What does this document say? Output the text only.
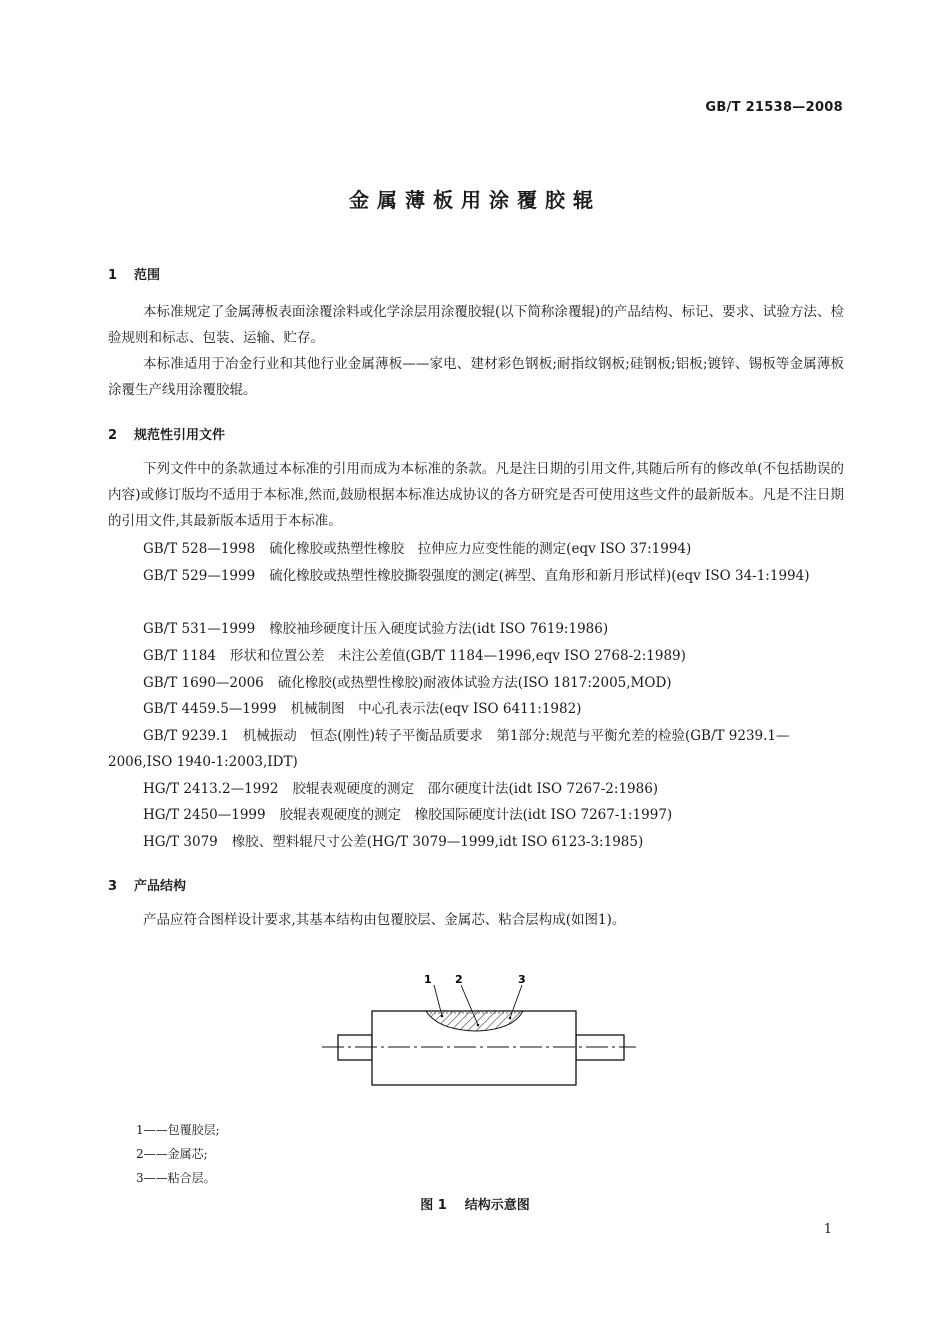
GB/T 21538—2008
金属薄板用涂覆胶辊
1 范围

本标准规定了金属薄板表面涂覆涂料或化学涂层用涂覆胶辊(以下简称涂覆辊)的产品结构、标记、要求、试验方法、检验规则和标志、包装、运输、贮存。

本标准适用于冶金行业和其他行业金属薄板——家电、建材彩色钢板;耐指纹钢板;硅钢板;铝板;镀锌、锡板等金属薄板涂覆生产线用涂覆胶辊。

2 规范性引用文件

下列文件中的条款通过本标准的引用而成为本标准的条款。凡是注日期的引用文件,其随后所有的修改单(不包括勘误的内容)或修订版均不适用于本标准,然而,鼓励根据本标准达成协议的各方研究是否可使用这些文件的最新版本。凡是不注日期的引用文件,其最新版本适用于本标准。

GB/T 528—1998 硫化橡胶或热塑性橡胶　拉伸应力应变性能的测定(eqv ISO 37:1994)

GB/T 529—1999 硫化橡胶或热塑性橡胶撕裂强度的测定(裤型、直角形和新月形试样)(eqv ISO 34-1:1994)

GB/T 531—1999 橡胶袖珍硬度计压入硬度试验方法(idt ISO 7619:1986)

GB/T 1184 形状和位置公差　未注公差值(GB/T 1184—1996,eqv ISO 2768-2:1989)

GB/T 1690—2006 硫化橡胶(或热塑性橡胶)耐液体试验方法(ISO 1817:2005,MOD)

GB/T 4459.5—1999 机械制图　中心孔表示法(eqv ISO 6411:1982)

GB/T 9239.1 机械振动　恒态(刚性)转子平衡品质要求　第1部分:规范与平衡允差的检验(GB/T 9239.1—2006,ISO 1940-1:2003,IDT)

HG/T 2413.2—1992 胶辊表观硬度的测定　邵尔硬度计法(idt ISO 7267-2:1986)

HG/T 2450—1999 胶辊表观硬度的测定　橡胶国际硬度计法(idt ISO 7267-1:1997)

HG/T 3079 橡胶、塑料辊尺寸公差(HG/T 3079—1999,idt ISO 6123-3:1985)

3 产品结构

产品应符合图样设计要求,其基本结构由包覆胶层、金属芯、粘合层构成(如图1)。

1 2	3
1——包覆胶层;
2——金属芯;
3——粘合层。
图 1 结构示意图
1
